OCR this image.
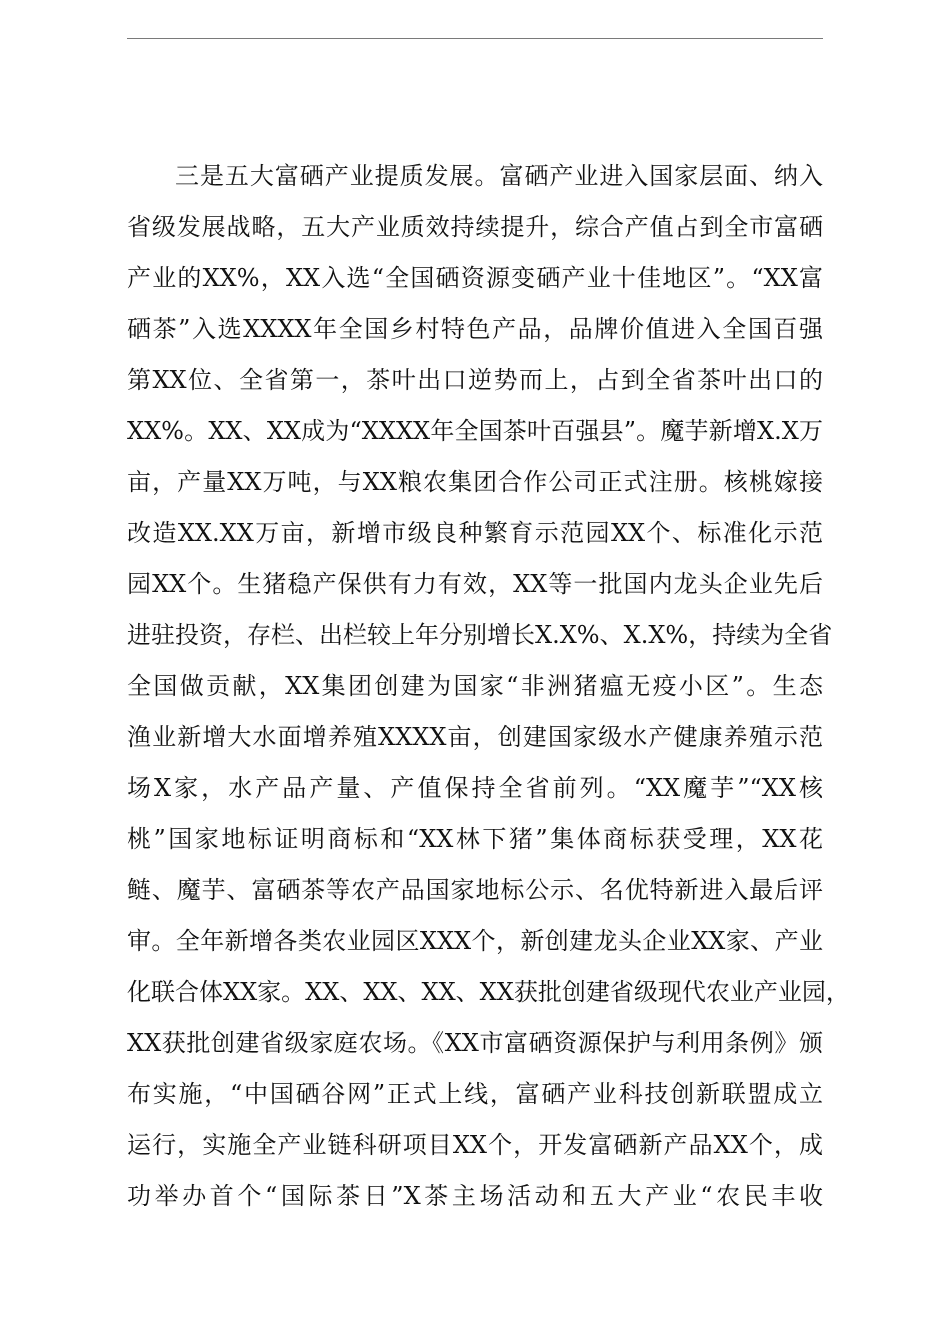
三是五大富硒产业提质发展。富硒产业进入国家层面、纳入
省级发展战略，五大产业质效持续提升，综合产值占到全市富硒
产业的XX%，XX入选“全国硒资源变硒产业十佳地区”。“XX富
硒茶”入选XXXX年全国乡村特色产品，品牌价值进入全国百强
第XX位、全省第一，茶叶出口逆势而上，占到全省茶叶出口的
XX%。XX、XX成为“XXXX年全国茶叶百强县”。魔芋新增X.X万
亩，产量XX万吨，与XX粮农集团合作公司正式注册。核桃嫁接
改造XX.XX万亩，新增市级良种繁育示范园XX个、标准化示范
园XX个。生猪稳产保供有力有效，XX等一批国内龙头企业先后
进驻投资，存栏、出栏较上年分别增长X.X%、X.X%，持续为全省
全国做贡献，XX集团创建为国家“非洲猪瘟无疫小区”。生态
渔业新增大水面增养殖XXXX亩，创建国家级水产健康养殖示范
场X家，水产品产量、产值保持全省前列。“XX魔芋”“XX核
桃”国家地标证明商标和“XX林下猪”集体商标获受理，XX花
鲢、魔芋、富硒茶等农产品国家地标公示、名优特新进入最后评
审。全年新增各类农业园区XXX个，新创建龙头企业XX家、产业
化联合体XX家。XX、XX、XX、XX获批创建省级现代农业产业园，
XX获批创建省级家庭农场。《XX市富硒资源保护与利用条例》颁
布实施，“中国硒谷网”正式上线，富硒产业科技创新联盟成立
运行，实施全产业链科研项目XX个，开发富硒新产品XX个，成
功举办首个“国际茶日”X茶主场活动和五大产业“农民丰收
